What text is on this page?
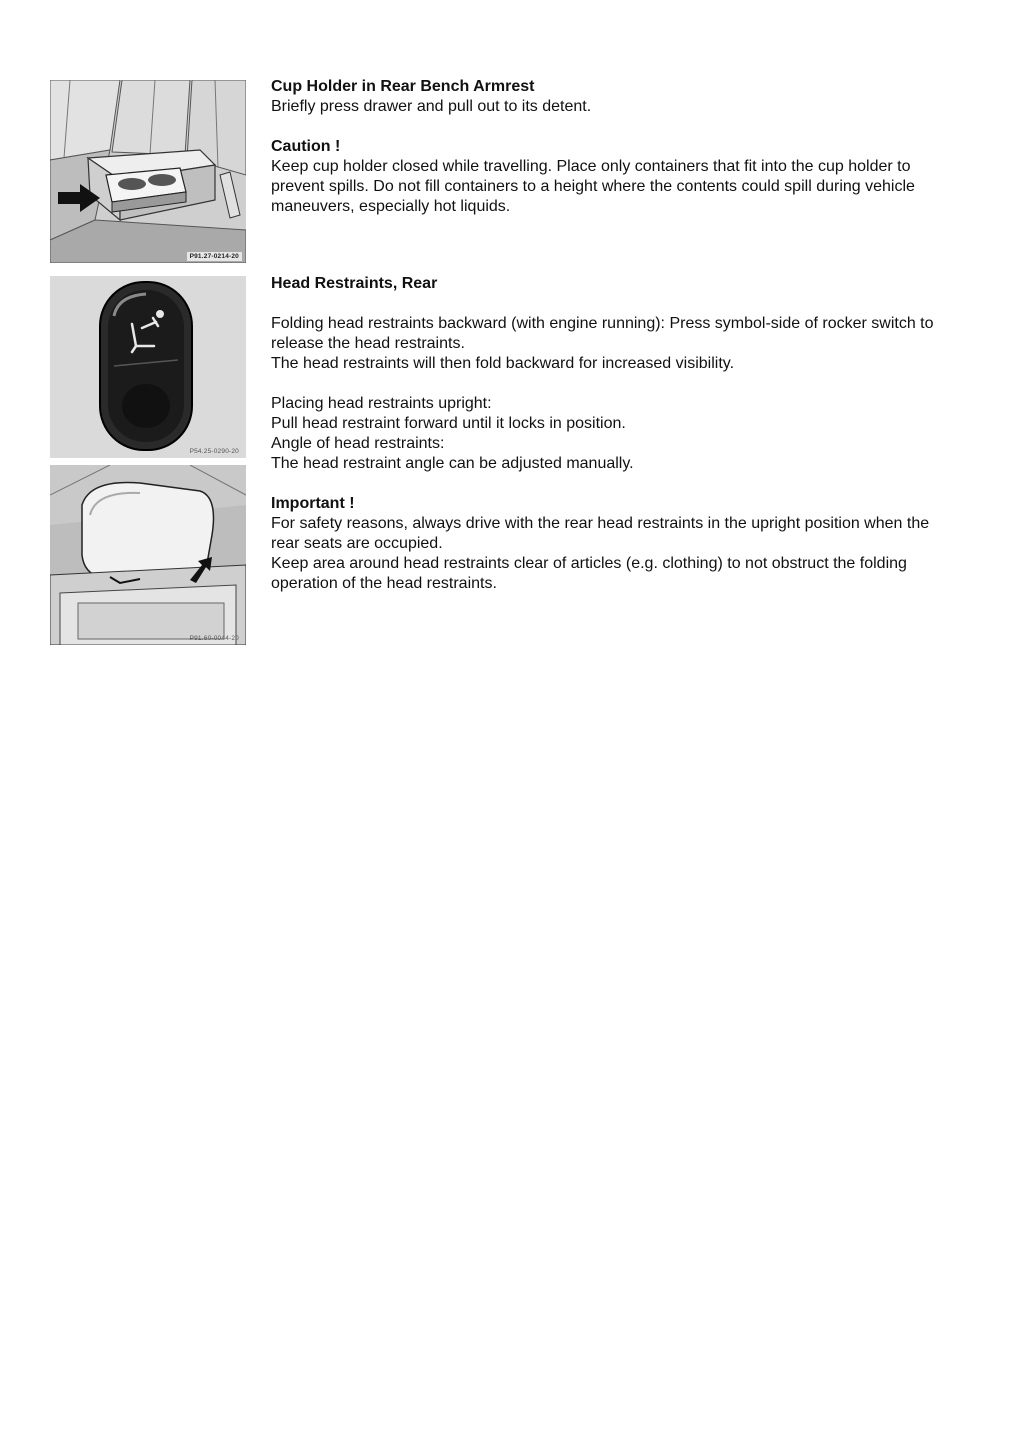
P91.27-0214-20
P54.25-0290-20
P91.60-0044-20

Cup Holder in Rear Bench Armrest

Briefly press drawer and pull out to its detent.

Caution !

Keep cup holder closed while travelling. Place only containers that fit into the cup holder to prevent spills. Do not fill containers to a height where the contents could spill during vehicle maneuvers, especially hot liquids.

Head Restraints, Rear

Folding head restraints backward (with engine running): Press symbol-side of rocker switch to release the head restraints.

The head restraints will then fold backward for increased visibility.

Placing head restraints upright:

Pull head restraint forward until it locks in position.

Angle of head restraints:

The head restraint angle can be adjusted manually.

Important !

For safety reasons, always drive with the rear head restraints in the upright position when the rear seats are occupied.

Keep area around head restraints clear of articles (e.g. clothing) to not obstruct the folding operation of the head restraints.
